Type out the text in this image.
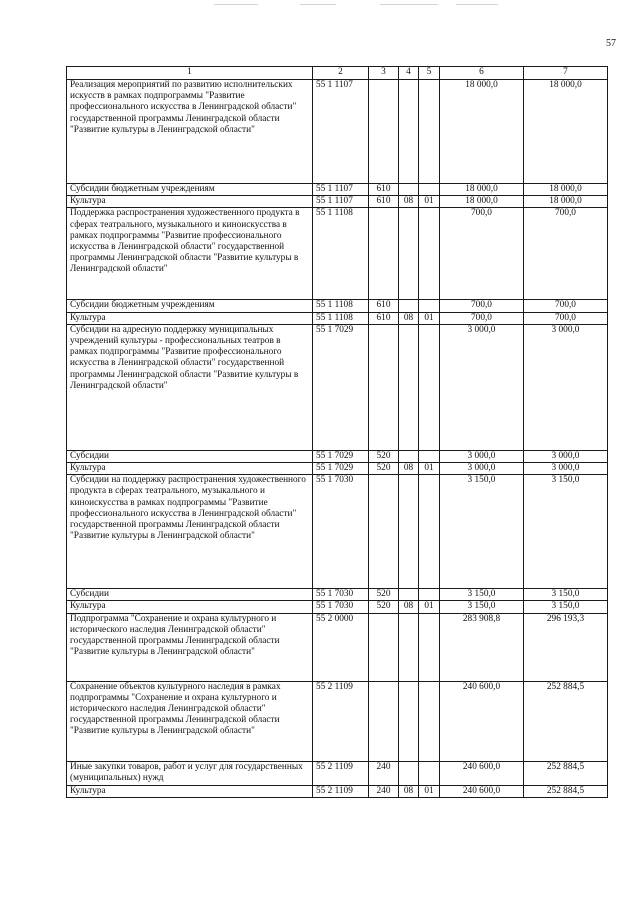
57
1	2	3	4	5	6	7
Реализация мероприятий по развитию исполнительских искусств в рамках подпрограммы "Развитие профессионального искусства в Ленинградской области" государственной программы Ленинградской области "Развитие культуры в Ленинградской области"	55 1 1107				18 000,0	18 000,0
Субсидии бюджетным учреждениям	55 1 1107	610			18 000,0	18 000,0
Культура	55 1 1107	610	08	01	18 000,0	18 000,0
Поддержка распространения художественного продукта в сферах театрального, музыкального и киноискусства в рамках подпрограммы "Развитие профессионального искусства в Ленинградской области" государственной программы Ленинградской области "Развитие культуры в Ленинградской области"	55 1 1108				700,0	700,0
Субсидии бюджетным учреждениям	55 1 1108	610			700,0	700,0
Культура	55 1 1108	610	08	01	700,0	700,0
Субсидии на адресную поддержку муниципальных учреждений культуры - профессиональных театров в рамках подпрограммы "Развитие профессионального искусства в Ленинградской области" государственной программы Ленинградской области "Развитие культуры в Ленинградской области"	55 1 7029				3 000,0	3 000,0
Субсидии	55 1 7029	520			3 000,0	3 000,0
Культура	55 1 7029	520	08	01	3 000,0	3 000,0
Субсидии на поддержку распространения художественного продукта в сферах театрального, музыкального и киноискусства в рамках подпрограммы "Развитие профессионального искусства в Ленинградской области" государственной программы Ленинградской области "Развитие культуры в Ленинградской области"	55 1 7030				3 150,0	3 150,0
Субсидии	55 1 7030	520			3 150,0	3 150,0
Культура	55 1 7030	520	08	01	3 150,0	3 150,0
Подпрограмма "Сохранение и охрана культурного и исторического наследия Ленинградской области" государственной программы Ленинградской области "Развитие культуры в Ленинградской области"	55 2 0000				283 908,8	296 193,3
Сохранение объектов культурного наследия в рамках подпрограммы "Сохранение и охрана культурного и исторического наследия Ленинградской области" государственной программы Ленинградской области "Развитие культуры в Ленинградской области"	55 2 1109				240 600,0	252 884,5
Иные закупки товаров, работ и услуг для государственных (муниципальных) нужд	55 2 1109	240			240 600,0	252 884,5
Культура	55 2 1109	240	08	01	240 600,0	252 884,5
